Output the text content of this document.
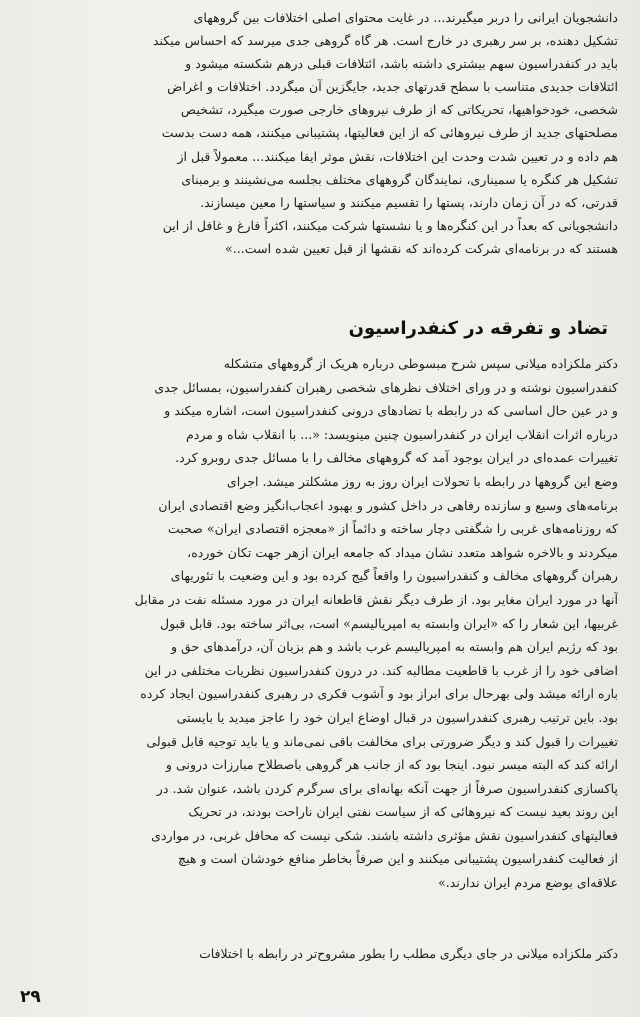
دانشجویان ایرانی را دربر میگیرند... در غایت محتوای اصلی اختلافات بین گروههای
تشکیل دهنده، بر سر رهبری در خارج است. هر گاه گروهی جدی میرسد که احساس میکند
باید در کنفدراسیون سهم بیشتری داشته باشد، ائتلافات قبلی درهم شکسته میشود و
ائتلافات جدیدی متناسب با سطح قدرتهای جدید، جایگزین آن میگردد. اختلافات و اغراض
شخصی، خودخواهیها، تحریکاتی که از طرف نیروهای خارجی صورت میگیرد، تشخیص
مصلحتهای جدید از طرف نیروهائی که از این فعالیتها، پشتیبانی میکنند، همه دست بدست
هم داده و در تعیین شدت وحدت این اختلافات، نقش موثر ایفا میکنند... معمولاً قبل از
تشکیل هر کنگره یا سمیناری، نمایندگان گروههای مختلف بجلسه می‌نشینند و برمبنای
قدرتی، که در آن زمان دارند، پستها را تقسیم میکنند و سیاستها را معین میسازند.
دانشجویانی که بعداً در این کنگره‌ها و یا نشستها شرکت میکنند، اکثراً فارغ و غافل از این
هستند که در برنامه‌ای شرکت کرده‌اند که نقشها از قبل تعیین شده است...»
تضاد و تفرقه در کنفدراسیون
دکتر ملکزاده میلانی سپس شرح مبسوطی درباره هریک از گروههای متشکله
کنفدراسیون نوشته و در ورای اختلاف نظرهای شخصی رهبران کنفدراسیون، بمسائل جدی
و در عین حال اساسی که در رابطه با تضادهای درونی کنفدراسیون است، اشاره میکند و
درباره اثرات انقلاب ایران در کنفدراسیون چنین مینویسد: «... با انقلاب شاه و مردم
تغییرات عمده‌ای در ایران بوجود آمد که گروههای مخالف را با مسائل جدی روبرو کرد.
وضع این گروهها در رابطه با تحولات ایران روز به روز مشکلتر میشد. اجرای
برنامه‌های وسیع و سازنده رفاهی در داخل کشور و بهبود اعجاب‌انگیز وضع اقتصادی ایران
که روزنامه‌های غربی را شگفتی دچار ساخته و دائماً از «معجزه اقتصادی ایران» صحبت
میکردند و بالاخره شواهد متعدد نشان میداد که جامعه ایران ازهر جهت تکان خورده،
رهبران گروههای مخالف و کنفدراسیون را واقعاً گیج کرده بود و این وضعیت با تئوریهای
آنها در مورد ایران مغایر بود. از طرف دیگر نقش قاطعانه ایران در مورد مسئله نفت در مقابل
غربیها، این شعار را که «ایران وابسته به امپریالیسم» است، بی‌اثر ساخته بود. قابل قبول
بود که رژیم ایران هم وابسته به امپریالیسم غرب باشد و هم بزیان آن، درآمدهای حق و
اضافی خود را از غرب با قاطعیت مطالبه کند. در درون کنفدراسیون نظریات مختلفی در این
باره ارائه میشد ولی بهرحال برای ابراز بود و آشوب فکری در رهبری کنفدراسیون ایجاد کرده
بود. باین ترتیب رهبری کنفدراسیون در قبال اوضاع ایران خود را عاجز میدید یا بایستی
تغییرات را قبول کند و دیگر ضرورتی برای مخالفت باقی نمی‌ماند و یا باید توجیه قابل قبولی
ارائه کند که البته میسر نبود. اینجا بود که از جانب هر گروهی باصطلاح مبارزات درونی و
پاکسازی کنفدراسیون صرفاً از جهت آنکه بهانه‌ای برای سرگرم کردن باشد، عنوان شد. در
این روند بعید نیست که نیروهائی که از سیاست نفتی ایران ناراحت بودند، در تحریک
فعالیتهای کنفدراسیون نقش مؤثری داشته باشند. شکی نیست که محافل غربی، در مواردی
از فعالیت کنفدراسیون پشتیبانی میکنند و این صرفاً بخاطر منافع خودشان است و هیچ
علاقه‌ای بوضع مردم ایران ندارند.»
دکتر ملکزاده میلانی در جای دیگری مطلب را بطور مشروح‌تر در رابطه با اختلافات
۲۹
